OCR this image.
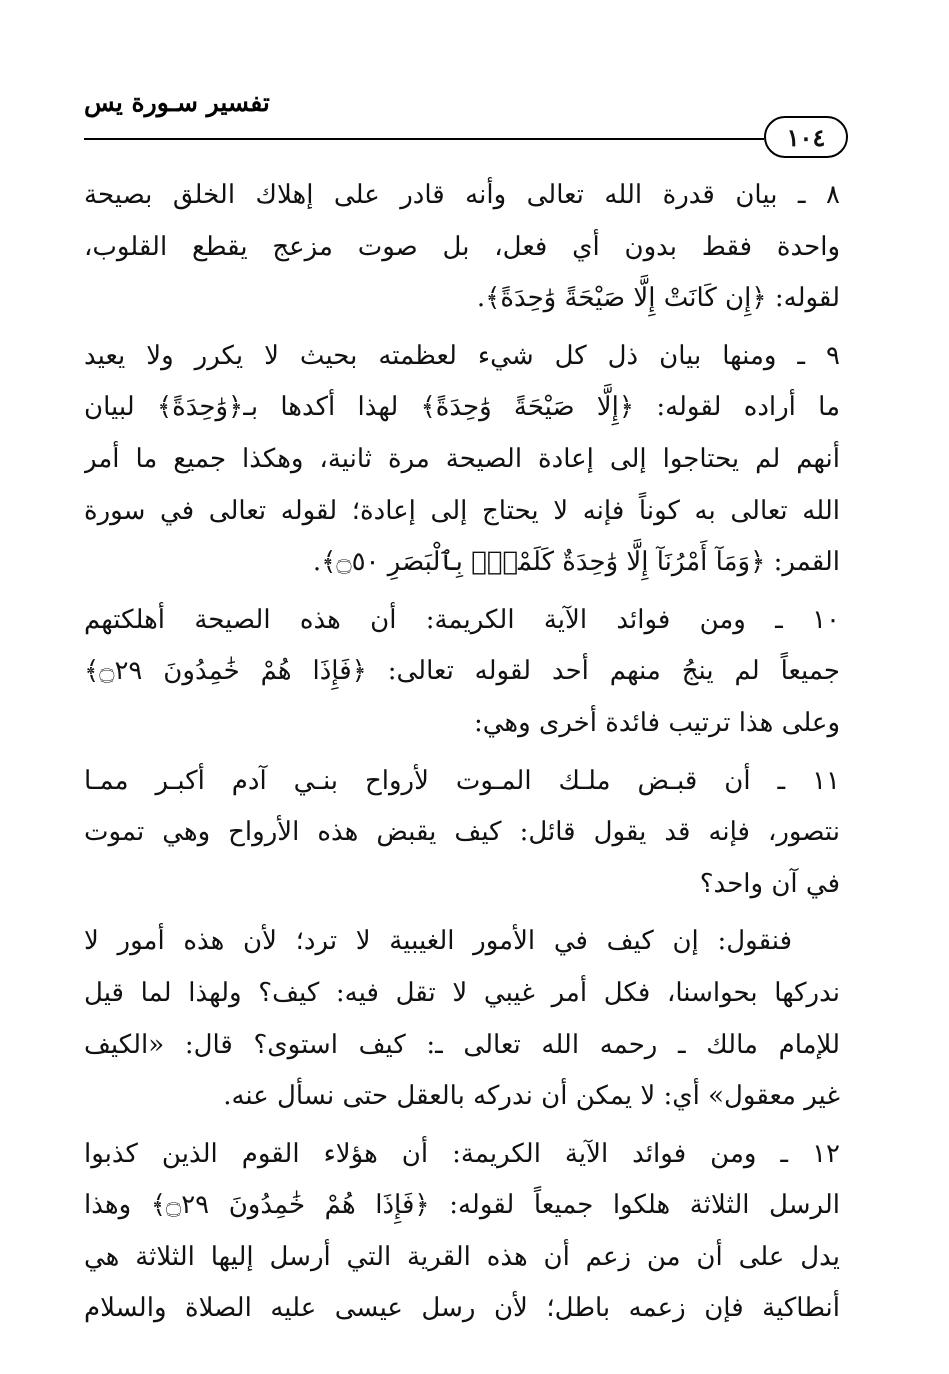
تفسير سـورة يس
١٠٤
٨ ـ بيان قدرة الله تعالى وأنه قادر على إهلاك الخلق بصيحة
واحدة فقط بدون أي فعل، بل صوت مزعج يقطع القلوب،
لقوله: ﴿إِن كَانَتْ إِلَّا صَيْحَةً وَٰحِدَةً﴾.
٩ ـ ومنها بيان ذل كل شيء لعظمته بحيث لا يكرر ولا يعيد
ما أراده لقوله: ﴿إِلَّا صَيْحَةً وَٰحِدَةً﴾ لهذا أكدها بـ﴿وَٰحِدَةً﴾ لبيان
أنهم لم يحتاجوا إلى إعادة الصيحة مرة ثانية، وهكذا جميع ما أمر
الله تعالى به كوناً فإنه لا يحتاج إلى إعادة؛ لقوله تعالى في سورة
القمر: ﴿وَمَآ أَمْرُنَآ إِلَّا وَٰحِدَةٌ كَلَمْحٍۭ بِٱلْبَصَرِ ۝٥٠﴾.
١٠ ـ ومن فوائد الآية الكريمة: أن هذه الصيحة أهلكتهم
جميعاً لم ينجُ منهم أحد لقوله تعالى: ﴿فَإِذَا هُمْ خَٰمِدُونَ ۝٢٩﴾
وعلى هذا ترتيب فائدة أخرى وهي:
١١ ـ أن قبـض ملـك المـوت لأرواح بنـي آدم أكبـر ممـا
نتصور، فإنه قد يقول قائل: كيف يقبض هذه الأرواح وهي تموت
في آن واحد؟
فنقول: إن كيف في الأمور الغيبية لا ترد؛ لأن هذه أمور لا
ندركها بحواسنا، فكل أمر غيبي لا تقل فيه: كيف؟ ولهذا لما قيل
للإمام مالك ـ رحمه الله تعالى ـ: كيف استوى؟ قال: «الكيف
غير معقول» أي: لا يمكن أن ندركه بالعقل حتى نسأل عنه.
١٢ ـ ومن فوائد الآية الكريمة: أن هؤلاء القوم الذين كذبوا
الرسل الثلاثة هلكوا جميعاً لقوله: ﴿فَإِذَا هُمْ خَٰمِدُونَ ۝٢٩﴾ وهذا
يدل على أن من زعم أن هذه القرية التي أرسل إليها الثلاثة هي
أنطاكية فإن زعمه باطل؛ لأن رسل عيسى عليه الصلاة والسلام
